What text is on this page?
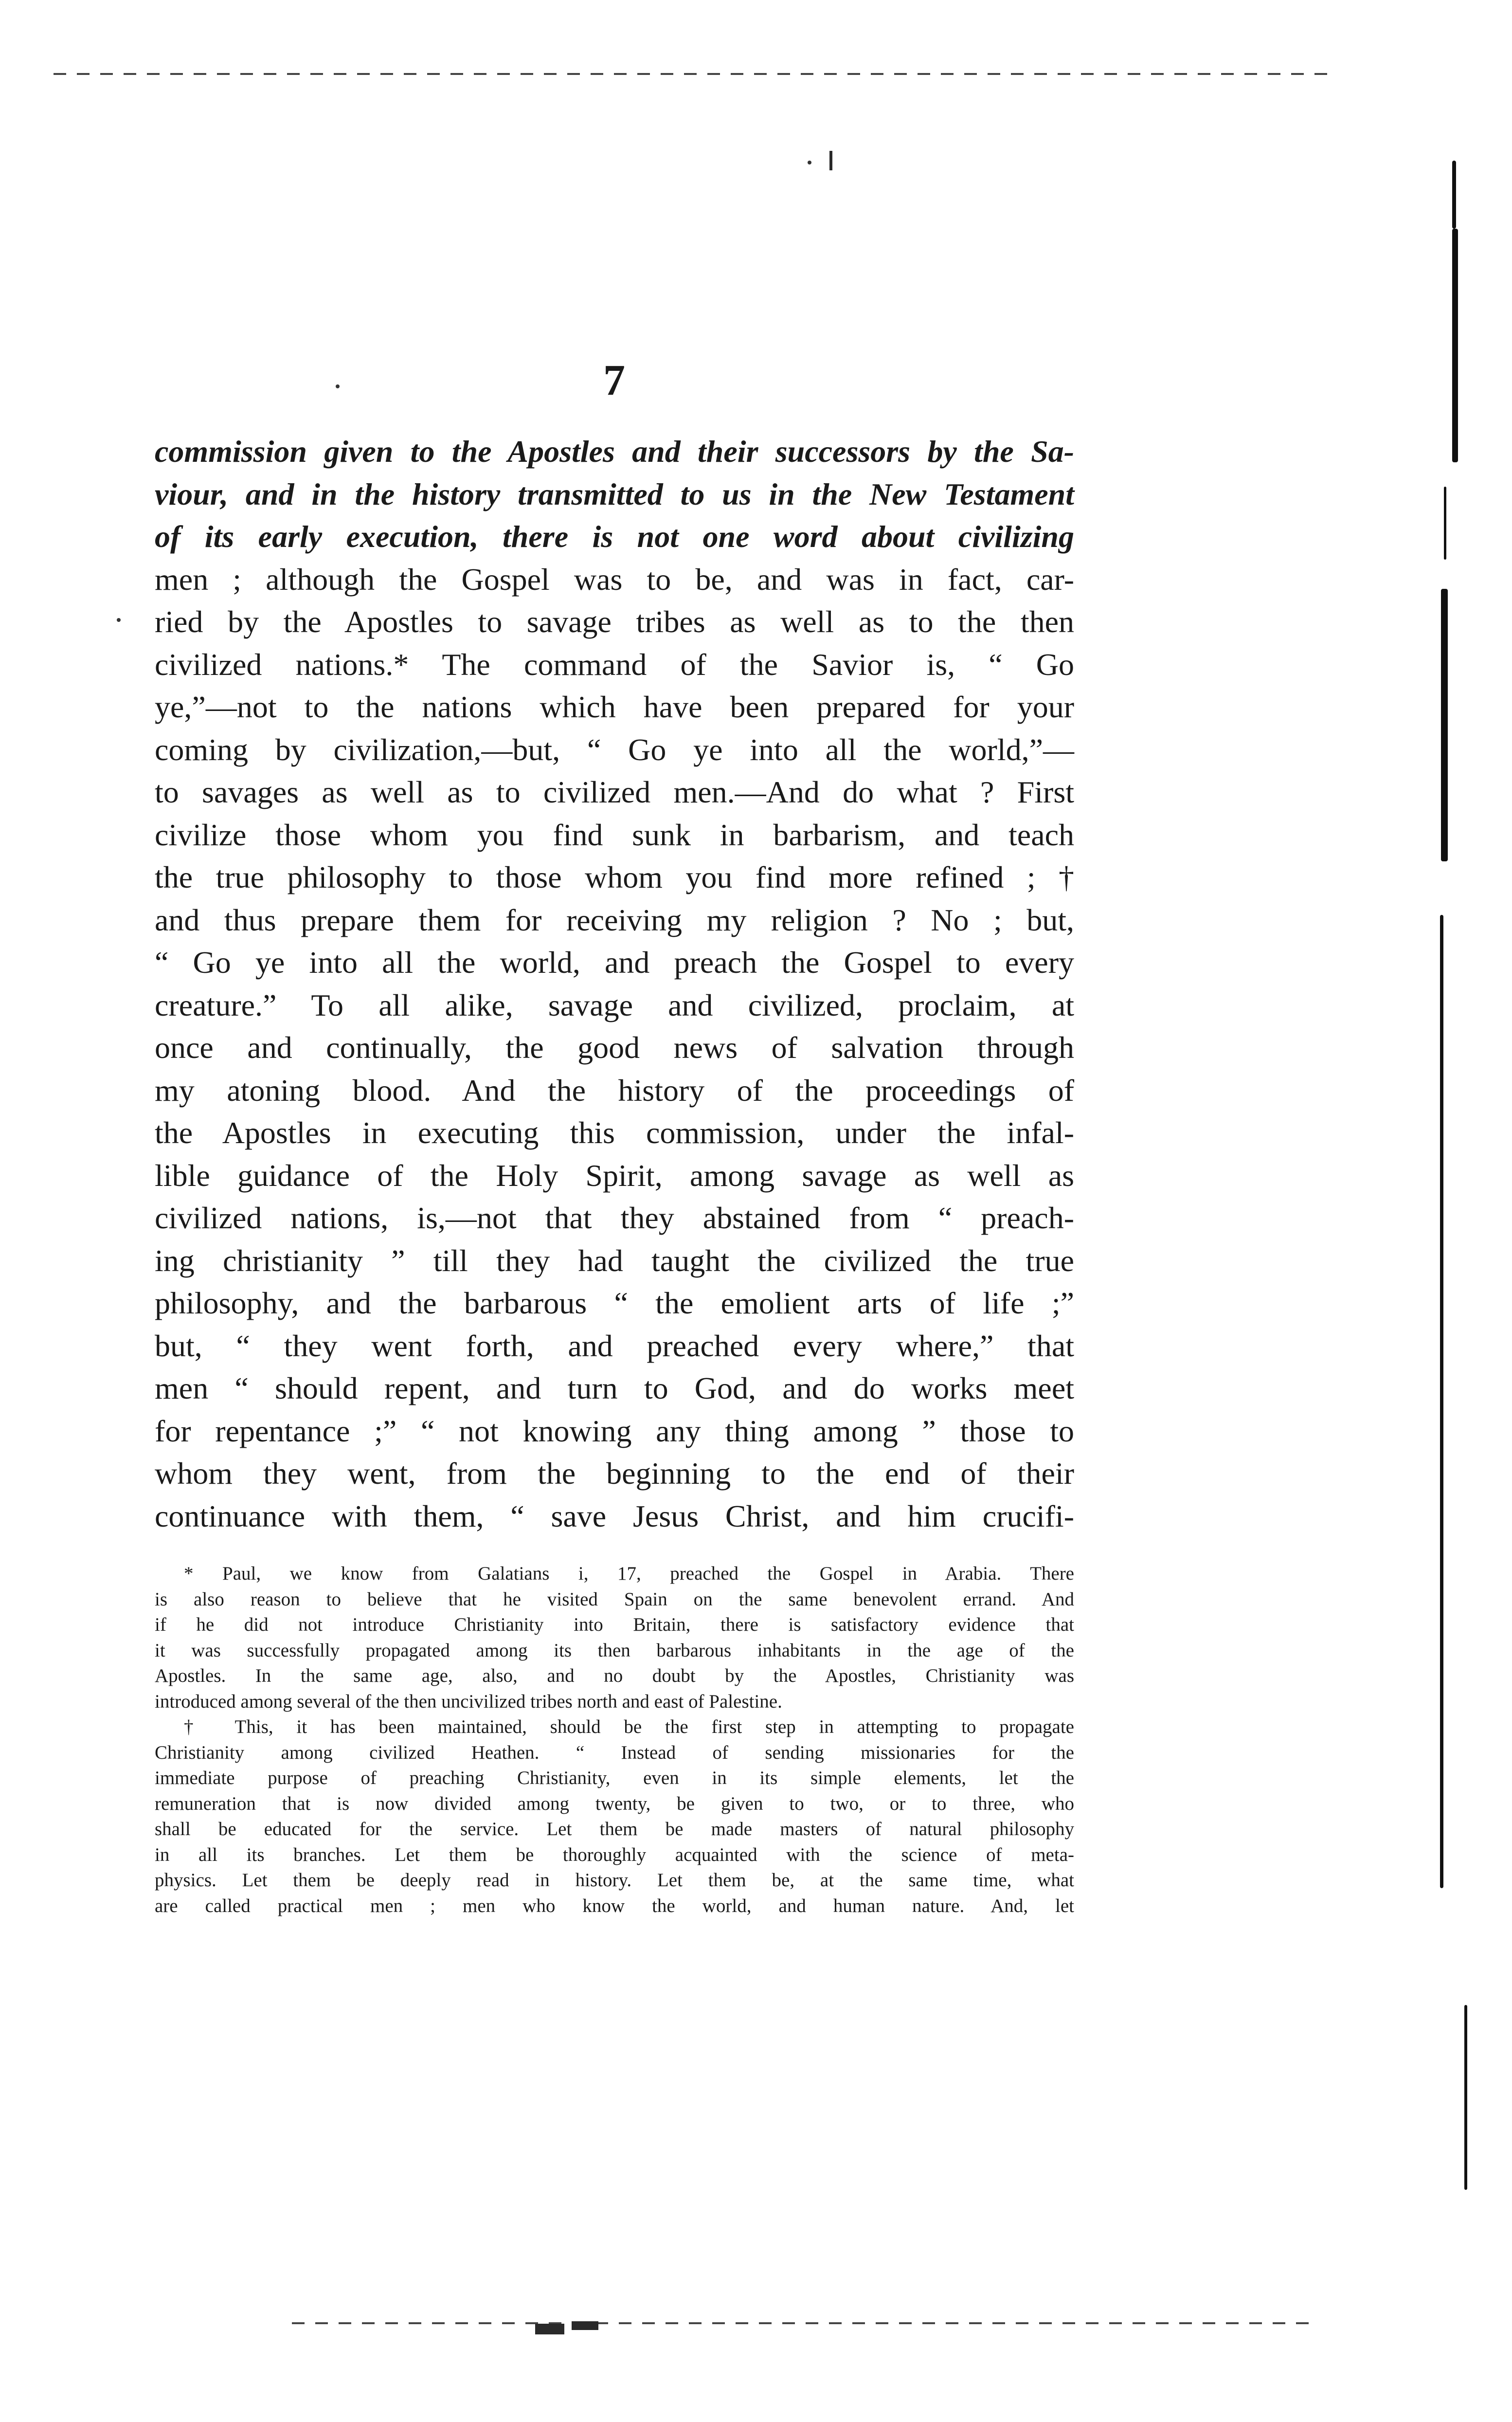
7
commission given to the Apostles and their successors by the Sa-
viour, and in the history transmitted to us in the New Testament
of its early execution, there is not one word about civilizing
men ; although the Gospel was to be, and was in fact, car-
ried by the Apostles to savage tribes as well as to the then
civilized nations.* The command of the Savior is, “ Go
ye,”—not to the nations which have been prepared for your
coming by civilization,—but, “ Go ye into all the world,”—
to savages as well as to civilized men.—And do what ? First
civilize those whom you find sunk in barbarism, and teach
the true philosophy to those whom you find more refined ; †
and thus prepare them for receiving my religion ? No ; but,
“ Go ye into all the world, and preach the Gospel to every
creature.” To all alike, savage and civilized, proclaim, at
once and continually, the good news of salvation through
my atoning blood. And the history of the proceedings of
the Apostles in executing this commission, under the infal-
lible guidance of the Holy Spirit, among savage as well as
civilized nations, is,—not that they abstained from “ preach-
ing christianity ” till they had taught the civilized the true
philosophy, and the barbarous “ the emolient arts of life ;”
but, “ they went forth, and preached every where,” that
men “ should repent, and turn to God, and do works meet
for repentance ;” “ not knowing any thing among ” those to
whom they went, from the beginning to the end of their
continuance with them, “ save Jesus Christ, and him crucifi-
* Paul, we know from Galatians i, 17, preached the Gospel in Arabia. There
is also reason to believe that he visited Spain on the same benevolent errand. And
if he did not introduce Christianity into Britain, there is satisfactory evidence that
it was successfully propagated among its then barbarous inhabitants in the age of the
Apostles. In the same age, also, and no doubt by the Apostles, Christianity was
introduced among several of the then uncivilized tribes north and east of Palestine.
† This, it has been maintained, should be the first step in attempting to propagate
Christianity among civilized Heathen. “ Instead of sending missionaries for the
immediate purpose of preaching Christianity, even in its simple elements, let the
remuneration that is now divided among twenty, be given to two, or to three, who
shall be educated for the service. Let them be made masters of natural philosophy
in all its branches. Let them be thoroughly acquainted with the science of meta-
physics. Let them be deeply read in history. Let them be, at the same time, what
are called practical men ; men who know the world, and human nature. And, let
